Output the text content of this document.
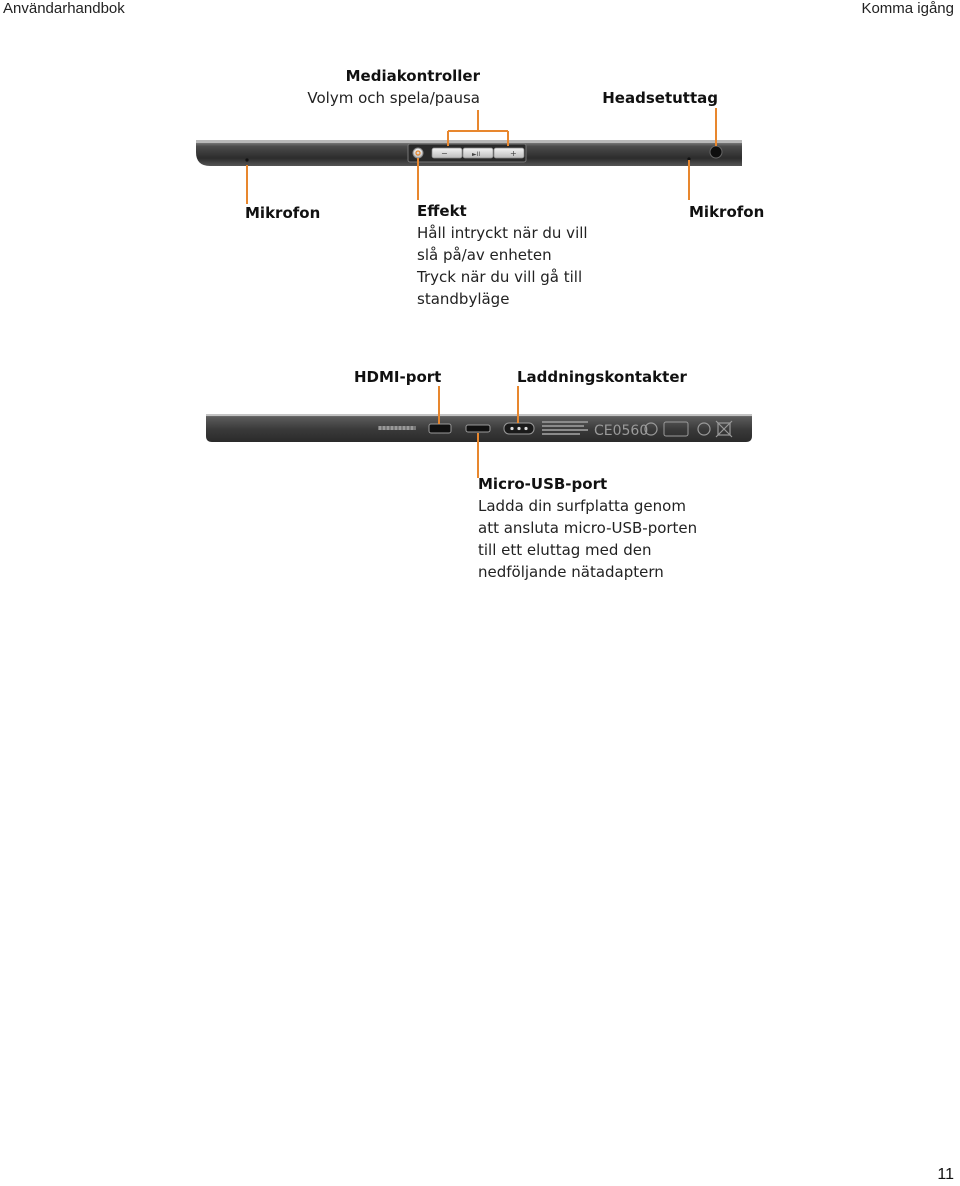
Användarhandbok	Komma igång
Mediakontroller
Volym och spela/pausa	Headsetuttag
−	►II	+
Mikrofon	Mikrofon
Effekt
Håll intryckt när du vill
slå på/av enheten
Tryck när du vill gå till
standbyläge
HDMI-port	Laddningskontakter
CE0560
Micro-USB-port
Ladda din surfplatta genom
att ansluta micro-USB-porten
till ett eluttag med den
nedföljande nätadaptern
11
